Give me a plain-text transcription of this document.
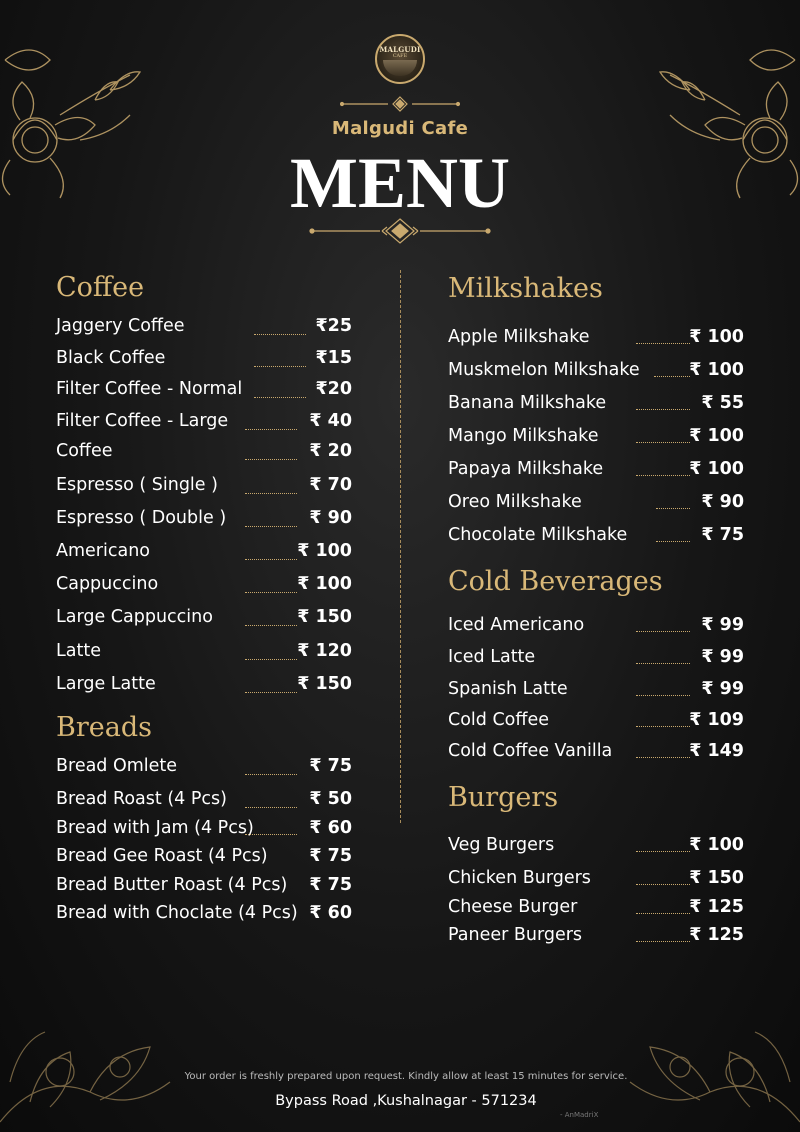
MALGUDI
CAFE
Malgudi Cafe
MENU
Coffee
Jaggery Coffee	₹25
Black Coffee	₹15
Filter Coffee - Normal	₹20
Filter Coffee - Large	₹ 40
Coffee	₹ 20
Espresso ( Single )	₹ 70
Espresso ( Double )	₹ 90
Americano	₹ 100
Cappuccino	₹ 100
Large Cappuccino	₹ 150
Latte	₹ 120
Large Latte	₹ 150
Breads
Bread Omlete	₹ 75
Bread Roast (4 Pcs)	₹ 50
Bread with Jam (4 Pcs)	₹ 60
Bread Gee Roast (4 Pcs) ₹ 75
Bread Butter Roast (4 Pcs) ₹ 75
Bread with Choclate (4 Pcs) ₹ 60
Milkshakes
Apple Milkshake	₹ 100
Muskmelon Milkshake	₹ 100
Banana Milkshake	₹ 55
Mango Milkshake	₹ 100
Papaya Milkshake	₹ 100
Oreo Milkshake	₹ 90
Chocolate Milkshake	₹ 75
Cold Beverages
Iced Americano	₹ 99
Iced Latte	₹ 99
Spanish Latte	₹ 99
Cold Coffee	₹ 109
Cold Coffee Vanilla	₹ 149
Burgers
Veg Burgers	₹ 100
Chicken Burgers	₹ 150
Cheese Burger	₹ 125
Paneer Burgers	₹ 125
Your order is freshly prepared upon request. Kindly allow at least 15 minutes for service.
Bypass Road ,Kushalnagar - 571234
- AnMadriX
